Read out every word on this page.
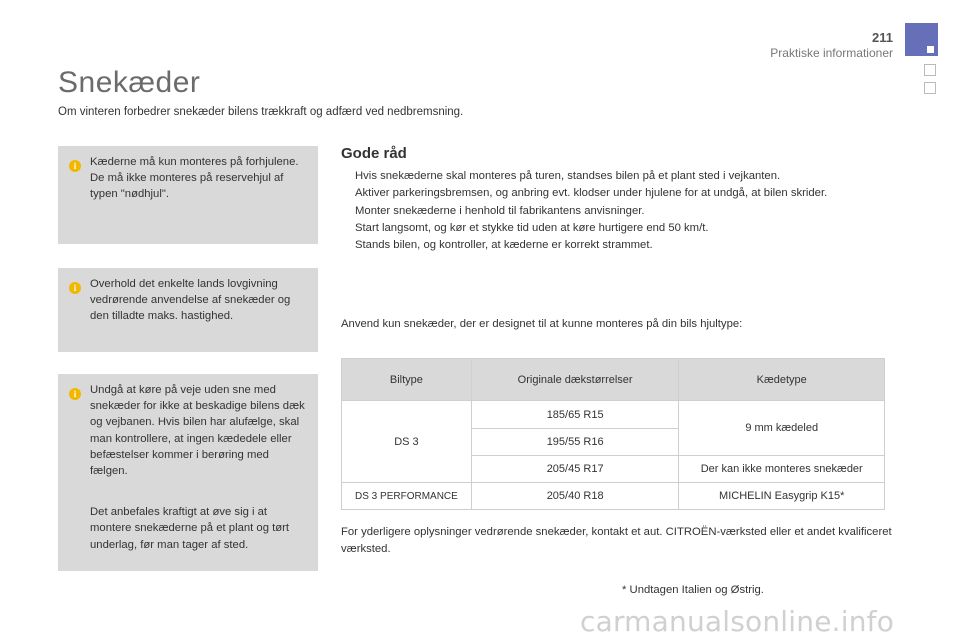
211
Praktiske informationer
Snekæder

Om vinteren forbedrer snekæder bilens trækkraft og adfærd ved nedbremsning.

i	Kæderne må kun monteres på forhjulene. De må ikke monteres på reservehjul af typen "nødhjul".

i	Overhold det enkelte lands lovgivning vedrørende anvendelse af snekæder og den tilladte maks. hastighed.

i	Undgå at køre på veje uden sne med snekæder for ikke at beskadige bilens dæk og vejbanen. Hvis bilen har alufælge, skal man kontrollere, at ingen kædedele eller befæstelser kommer i berøring med fælgen.

Det anbefales kraftigt at øve sig i at montere snekæderne på et plant og tørt underlag, før man tager af sted.

Gode råd
Hvis snekæderne skal monteres på turen, standses bilen på et plant sted i vejkanten.
Aktiver parkeringsbremsen, og anbring evt. klodser under hjulene for at undgå, at bilen skrider.
Monter snekæderne i henhold til fabrikantens anvisninger.
Start langsomt, og kør et stykke tid uden at køre hurtigere end 50 km/t.
Stands bilen, og kontroller, at kæderne er korrekt strammet.

Anvend kun snekæder, der er designet til at kunne monteres på din bils hjultype:

Biltype	Originale dækstørrelser	Kædetype
DS 3	185/65 R15	9 mm kædeled
	195/55 R16	
	205/45 R17	Der kan ikke monteres snekæder
DS 3 PERFORMANCE	205/40 R18	MICHELIN Easygrip K15*

For yderligere oplysninger vedrørende snekæder, kontakt et aut. CITROËN-værksted eller et andet kvalificeret værksted.

* Undtagen Italien og Østrig.

carmanualsonline.info
